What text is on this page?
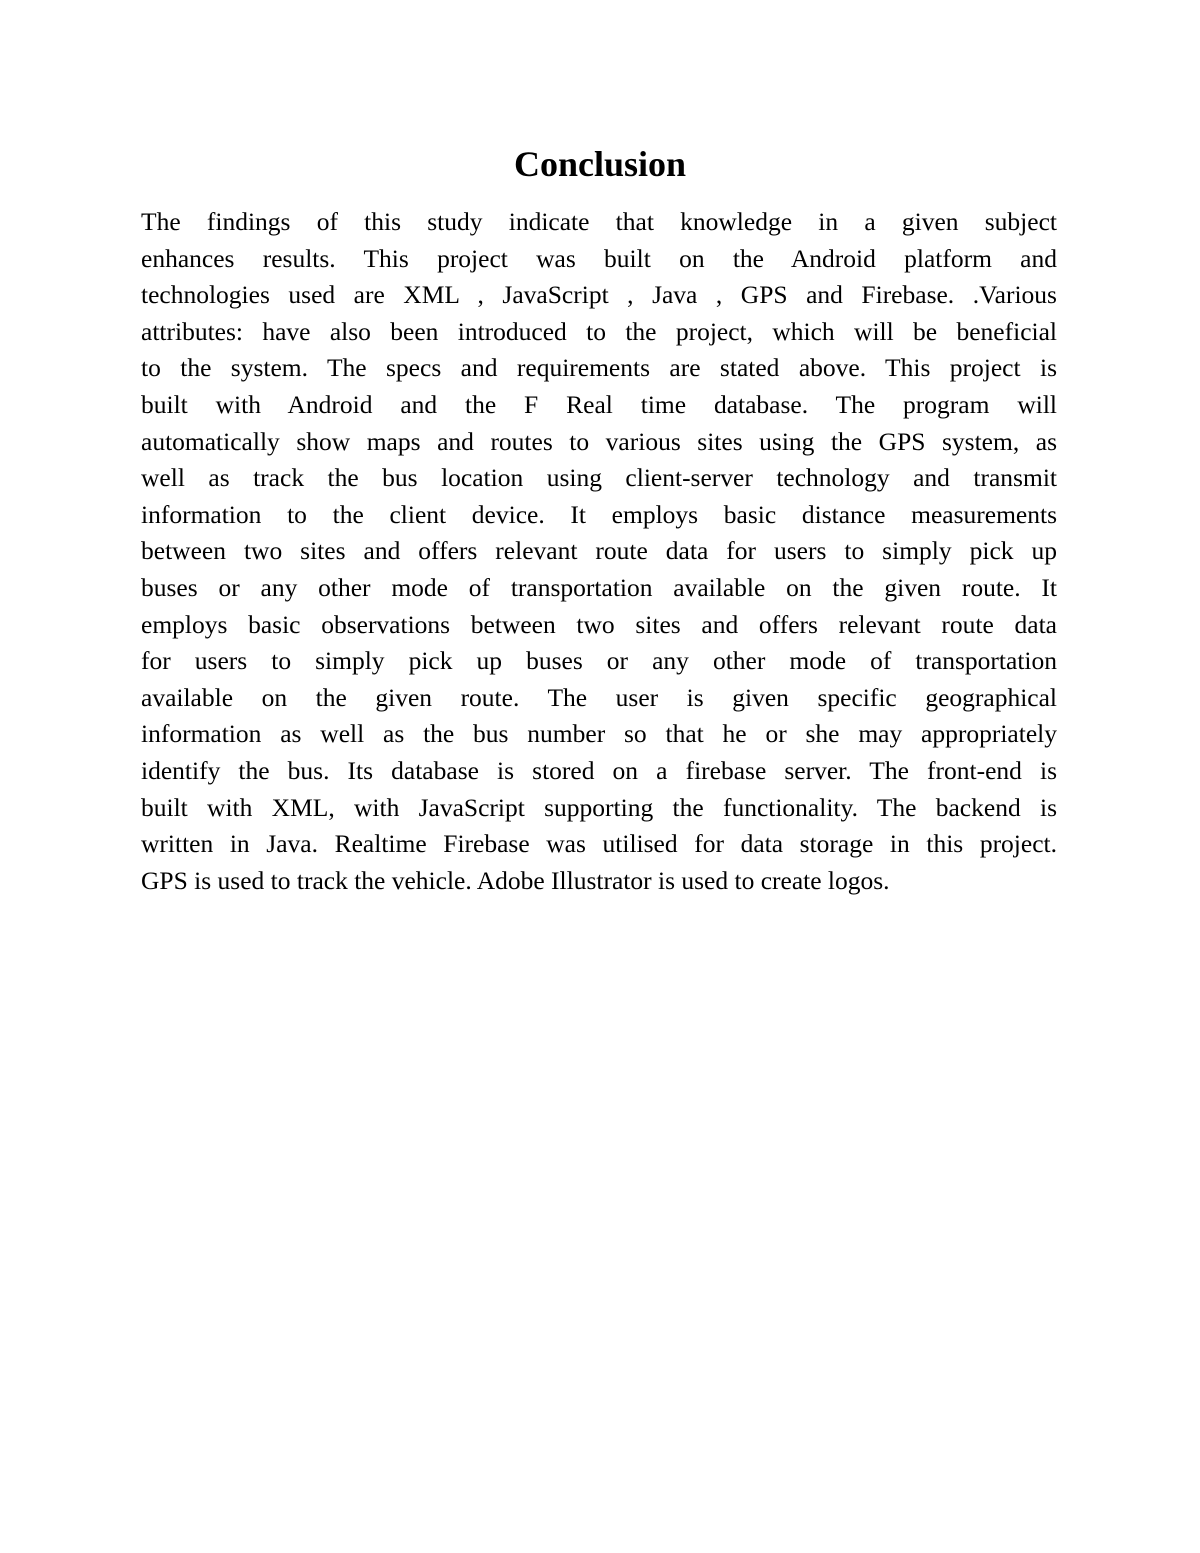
Conclusion
The findings of this study indicate that knowledge in a given subject
enhances results. This project was built on the Android platform and
technologies used are XML , JavaScript , Java , GPS and Firebase. .Various
attributes: have also been introduced to the project, which will be beneficial
to the system. The specs and requirements are stated above. This project is
built with Android and the F Real time database. The program will
automatically show maps and routes to various sites using the GPS system, as
well as track the bus location using client-server technology and transmit
information to the client device. It employs basic distance measurements
between two sites and offers relevant route data for users to simply pick up
buses or any other mode of transportation available on the given route. It
employs basic observations between two sites and offers relevant route data
for users to simply pick up buses or any other mode of transportation
available on the given route. The user is given specific geographical
information as well as the bus number so that he or she may appropriately
identify the bus. Its database is stored on a firebase server. The front-end is
built with XML, with JavaScript supporting the functionality. The backend is
written in Java. Realtime Firebase was utilised for data storage in this project.
GPS is used to track the vehicle. Adobe Illustrator is used to create logos.
